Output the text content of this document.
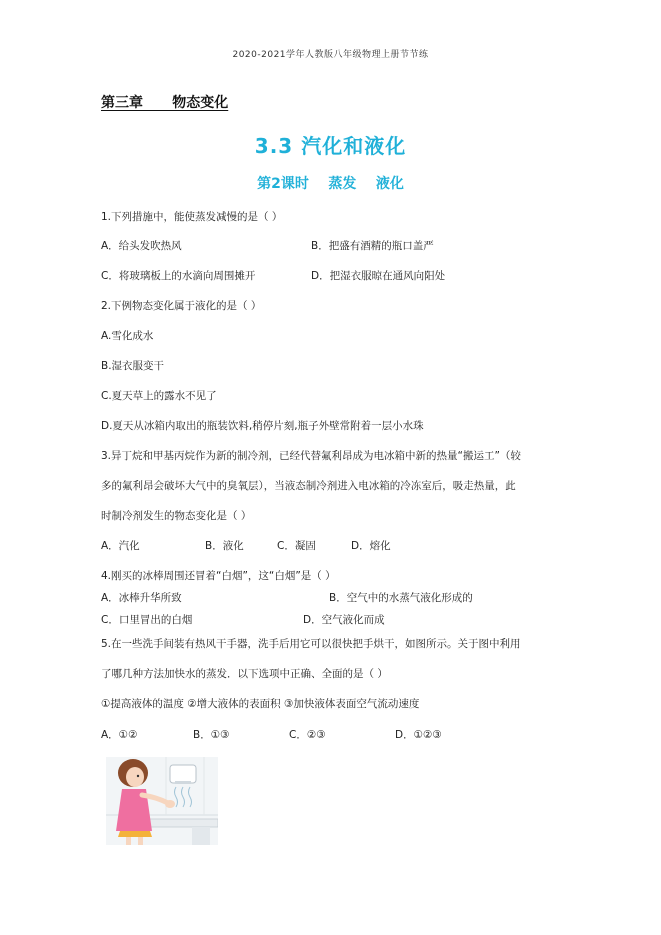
2020-2021学年人教版八年级物理上册节节练
第三章      物态变化
3.3 汽化和液化
第2课时    蒸发    液化
1.下列措施中，能使蒸发减慢的是（ ）
A．给头发吹热风	B．把盛有酒精的瓶口盖严
C．将玻璃板上的水滴向周围摊开	D．把湿衣服晾在通风向阳处
2.下例物态变化属于液化的是（ ）
A.雪化成水
B.湿衣服变干
C.夏天草上的露水不见了
D.夏天从冰箱内取出的瓶装饮料,稍停片刻,瓶子外壁常附着一层小水珠
3.异丁烷和甲基丙烷作为新的制冷剂，已经代替氟利昂成为电冰箱中新的热量“搬运工”（较
多的氟利昂会破坏大气中的臭氧层），当液态制冷剂进入电冰箱的冷冻室后，吸走热量，此
时制冷剂发生的物态变化是（ ）
A．汽化	B．液化	C．凝固	D．熔化
4.刚买的冰棒周围还冒着“白烟”，这“白烟”是（ ）
A．冰棒升华所致	B．空气中的水蒸气液化形成的
C．口里冒出的白烟	D．空气液化而成
5.在一些洗手间装有热风干手器，洗手后用它可以很快把手烘干，如图所示。关于图中利用
了哪几种方法加快水的蒸发．以下选项中正确、全面的是（ ）
①提高液体的温度 ②增大液体的表面积 ③加快液体表面空气流动速度
A．①②	B．①③	C．②③	D．①②③
